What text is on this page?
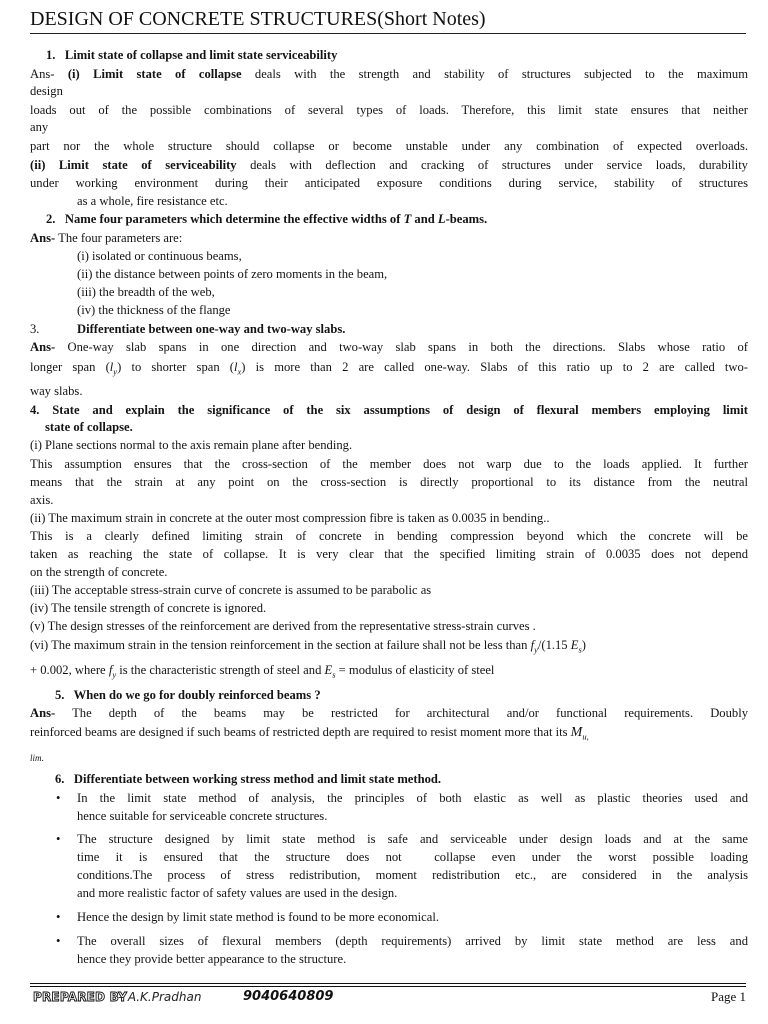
DESIGN OF CONCRETE STRUCTURES(Short Notes)
1.  Limit state of collapse and limit state serviceability
Ans- (i) Limit state of collapse deals with the strength and stability of structures subjected to the maximum
design
loads out of the possible combinations of several types of loads. Therefore, this limit state ensures that neither
any
part nor the whole structure should collapse or become unstable under any combination of expected overloads.
(ii) Limit state of serviceability deals with deflection and cracking of structures under service loads, durability
under working environment during their anticipated exposure conditions during service, stability of structures
as a whole, fire resistance etc.
2.  Name four parameters which determine the effective widths of T and L-beams.
Ans- The four parameters are:
(i) isolated or continuous beams,
(ii) the distance between points of zero moments in the beam,
(iii) the breadth of the web,
(iv) the thickness of the flange
3.	Differentiate between one-way and two-way slabs.
Ans- One-way slab spans in one direction and two-way slab spans in both the directions. Slabs whose ratio of
longer span $(l_y)$ to shorter span $(l_x)$ is more than 2 are called one-way. Slabs of this ratio up to 2 are called two-
way slabs.
4. State and explain the significance of the six assumptions of design of flexural members employing limit
state of collapse.
(i) Plane sections normal to the axis remain plane after bending.
This assumption ensures that the cross-section of the member does not warp due to the loads applied. It further
means that the strain at any point on the cross-section is directly proportional to its distance from the neutral
axis.
(ii) The maximum strain in concrete at the outer most compression fibre is taken as 0.0035 in bending..
This is a clearly defined limiting strain of concrete in bending compression beyond which the concrete will be
taken as reaching the state of collapse. It is very clear that the specified limiting strain of 0.0035 does not depend
on the strength of concrete.
(iii) The acceptable stress-strain curve of concrete is assumed to be parabolic as
(iv) The tensile strength of concrete is ignored.
(v) The design stresses of the reinforcement are derived from the representative stress-strain curves .
(vi) The maximum strain in the tension reinforcement in the section at failure shall not be less than $f_y/(1.15$ $E_s$)
+ 0.002, where $f_y$ is the characteristic strength of steel and $E_s$ = modulus of elasticity of steel
5.  When do we go for doubly reinforced beams ?
Ans- The depth of the beams may be restricted for architectural and/or functional requirements. Doubly
reinforced beams are designed if such beams of restricted depth are required to resist moment more that its $M_{u,}$
lim.
6.  Differentiate between working stress method and limit state method.
•	In the limit state method of analysis, the principles of both elastic as well as plastic theories used and
hence suitable for serviceable concrete structures.
•	The structure designed by limit state method is safe and serviceable under design loads and at the same
time it is ensured that the structure does not  collapse even under the worst possible loading
conditions.The process of stress redistribution, moment redistribution etc., are considered in the analysis
and more realistic factor of safety values are used in the design.
•	Hence the design by limit state method is found to be more economical.
•	The overall sizes of flexural members (depth requirements) arrived by limit state method are less and
hence they provide better appearance to the structure.
PREPARED BY
– A.K.Pradhan	9040640809	Page 1
